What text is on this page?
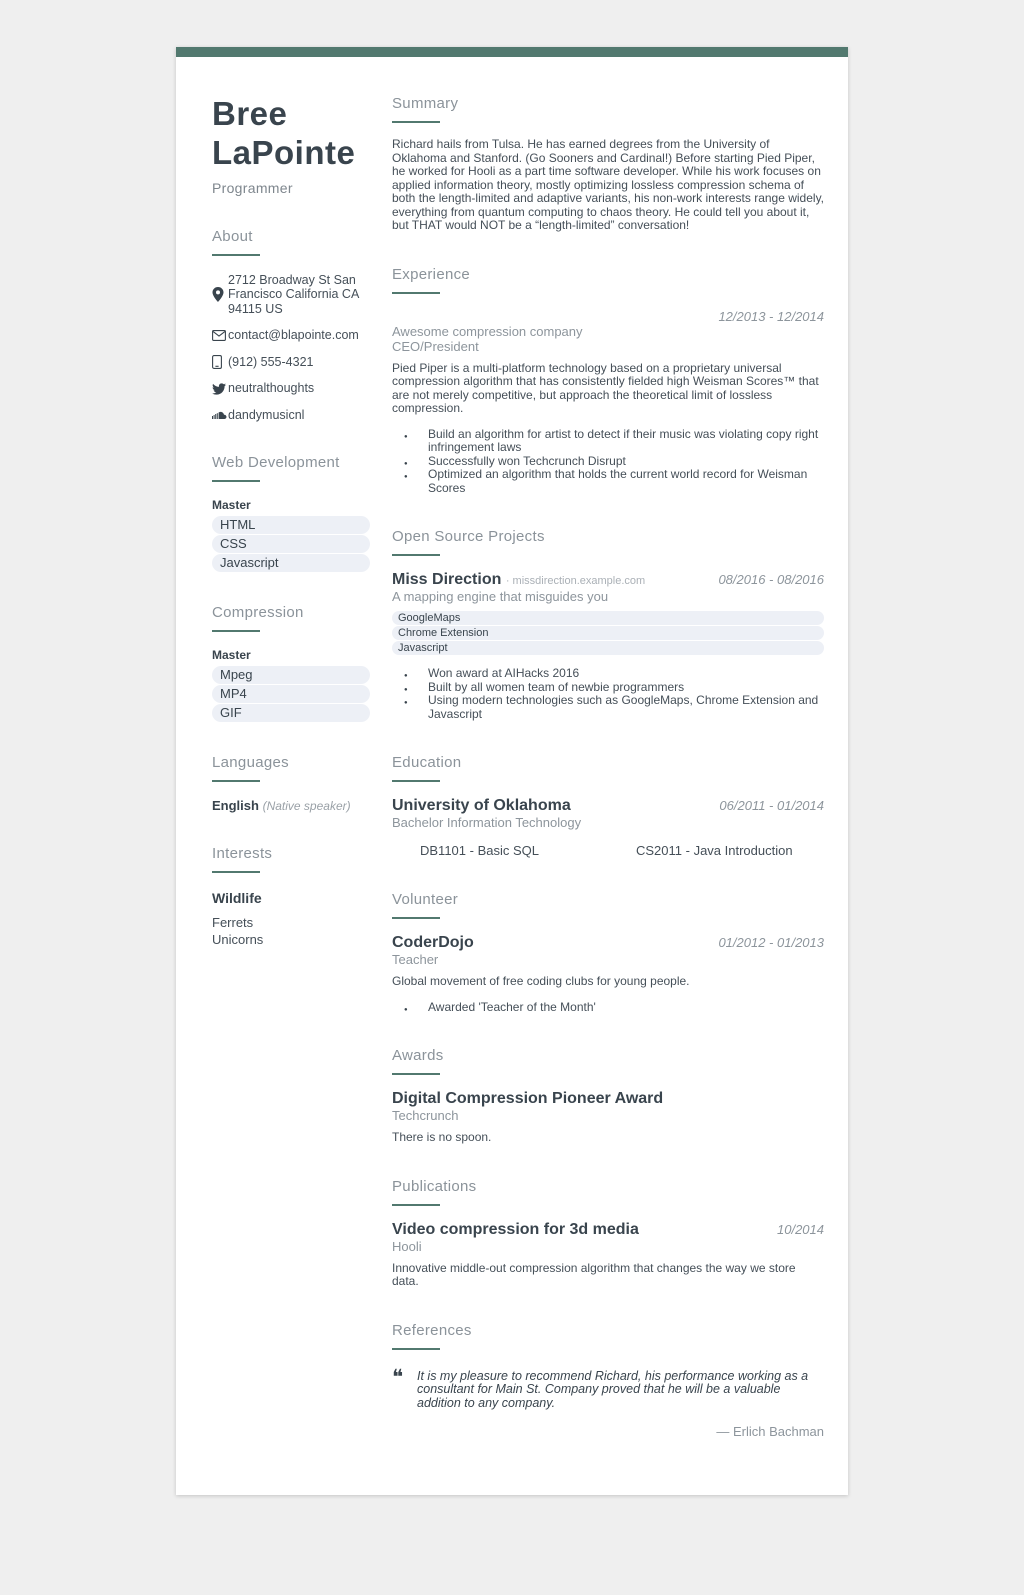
Bree
LaPointe
Programmer
About
2712 Broadway St San Francisco California CA 94115 US
contact@blapointe.com
(912) 555-4321
neutralthoughts
dandymusicnl
Web Development
Master
HTML
CSS
Javascript
Compression
Master
Mpeg
MP4
GIF
Languages
English (Native speaker)
Interests
Wildlife
Ferrets
Unicorns
Summary
Richard hails from Tulsa. He has earned degrees from the University of Oklahoma and Stanford. (Go Sooners and Cardinal!) Before starting Pied Piper, he worked for Hooli as a part time software developer. While his work focuses on applied information theory, mostly optimizing lossless compression schema of both the length-limited and adaptive variants, his non-work interests range widely, everything from quantum computing to chaos theory. He could tell you about it, but THAT would NOT be a “length-limited” conversation!
Experience
12/2013 - 12/2014
Awesome compression company
CEO/President
Pied Piper is a multi-platform technology based on a proprietary universal compression algorithm that has consistently fielded high Weisman Scores™ that are not merely competitive, but approach the theoretical limit of lossless compression.
● Build an algorithm for artist to detect if their music was violating copy right infringement laws
● Successfully won Techcrunch Disrupt
● Optimized an algorithm that holds the current world record for Weisman Scores
Open Source Projects
08/2016 - 08/2016
Miss Direction · missdirection.example.com
A mapping engine that misguides you
GoogleMaps
Chrome Extension
Javascript
● Won award at AIHacks 2016
● Built by all women team of newbie programmers
● Using modern technologies such as GoogleMaps, Chrome Extension and Javascript
Education
06/2011 - 01/2014
University of Oklahoma
Bachelor Information Technology
DB1101 - Basic SQL	CS2011 - Java Introduction
Volunteer
01/2012 - 01/2013
CoderDojo
Teacher
Global movement of free coding clubs for young people.
● Awarded 'Teacher of the Month'
Awards
Digital Compression Pioneer Award
Techcrunch
There is no spoon.
Publications
10/2014
Video compression for 3d media
Hooli
Innovative middle-out compression algorithm that changes the way we store data.
References
❝	It is my pleasure to recommend Richard, his performance working as a consultant for Main St. Company proved that he will be a valuable addition to any company.
— Erlich Bachman
